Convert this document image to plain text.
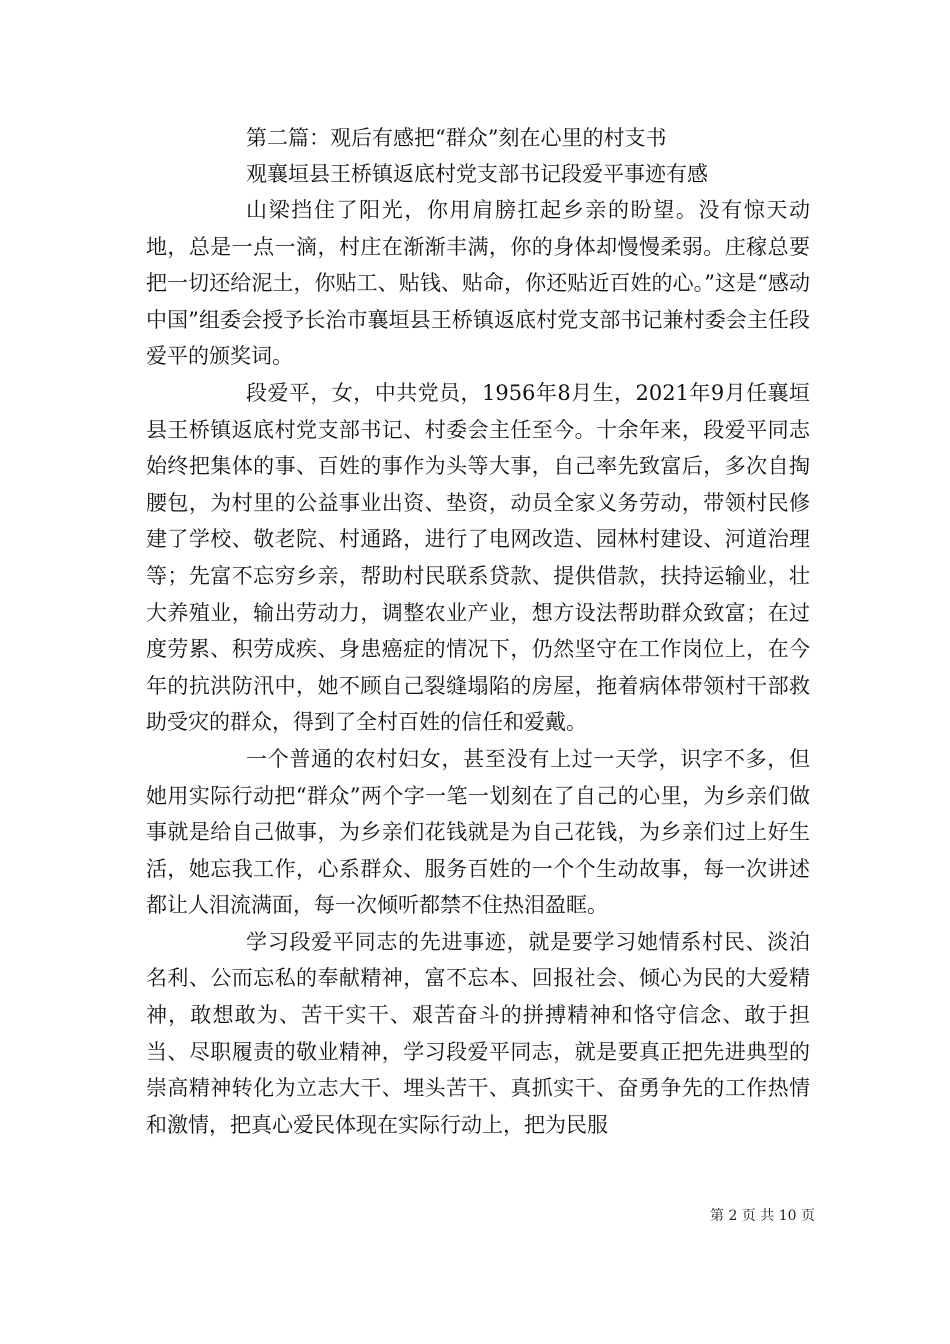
第二篇：观后有感把“群众”刻在心里的村支书
观襄垣县王桥镇返底村党支部书记段爱平事迹有感

山梁挡住了阳光，你用肩膀扛起乡亲的盼望。没有惊天动地，总是一点一滴，村庄在渐渐丰满，你的身体却慢慢柔弱。庄稼总要把一切还给泥土，你贴工、贴钱、贴命，你还贴近百姓的心。”这是“感动中国”组委会授予长治市襄垣县王桥镇返底村党支部书记兼村委会主任段爱平的颁奖词。

段爱平，女，中共党员，1956年8月生，2021年9月任襄垣县王桥镇返底村党支部书记、村委会主任至今。十余年来，段爱平同志始终把集体的事、百姓的事作为头等大事，自己率先致富后，多次自掏腰包，为村里的公益事业出资、垫资，动员全家义务劳动，带领村民修建了学校、敬老院、村通路，进行了电网改造、园林村建设、河道治理等；先富不忘穷乡亲，帮助村民联系贷款、提供借款，扶持运输业，壮大养殖业，输出劳动力，调整农业产业，想方设法帮助群众致富；在过度劳累、积劳成疾、身患癌症的情况下，仍然坚守在工作岗位上，在今年的抗洪防汛中，她不顾自己裂缝塌陷的房屋，拖着病体带领村干部救助受灾的群众，得到了全村百姓的信任和爱戴。

一个普通的农村妇女，甚至没有上过一天学，识字不多，但她用实际行动把“群众”两个字一笔一划刻在了自己的心里，为乡亲们做事就是给自己做事，为乡亲们花钱就是为自己花钱，为乡亲们过上好生活，她忘我工作，心系群众、服务百姓的一个个生动故事，每一次讲述都让人泪流满面，每一次倾听都禁不住热泪盈眶。

学习段爱平同志的先进事迹，就是要学习她情系村民、淡泊名利、公而忘私的奉献精神，富不忘本、回报社会、倾心为民的大爱精神，敢想敢为、苦干实干、艰苦奋斗的拼搏精神和恪守信念、敢于担当、尽职履责的敬业精神，学习段爱平同志，就是要真正把先进典型的崇高精神转化为立志大干、埋头苦干、真抓实干、奋勇争先的工作热情和激情，把真心爱民体现在实际行动上，把为民服

第 2 页 共 10 页
